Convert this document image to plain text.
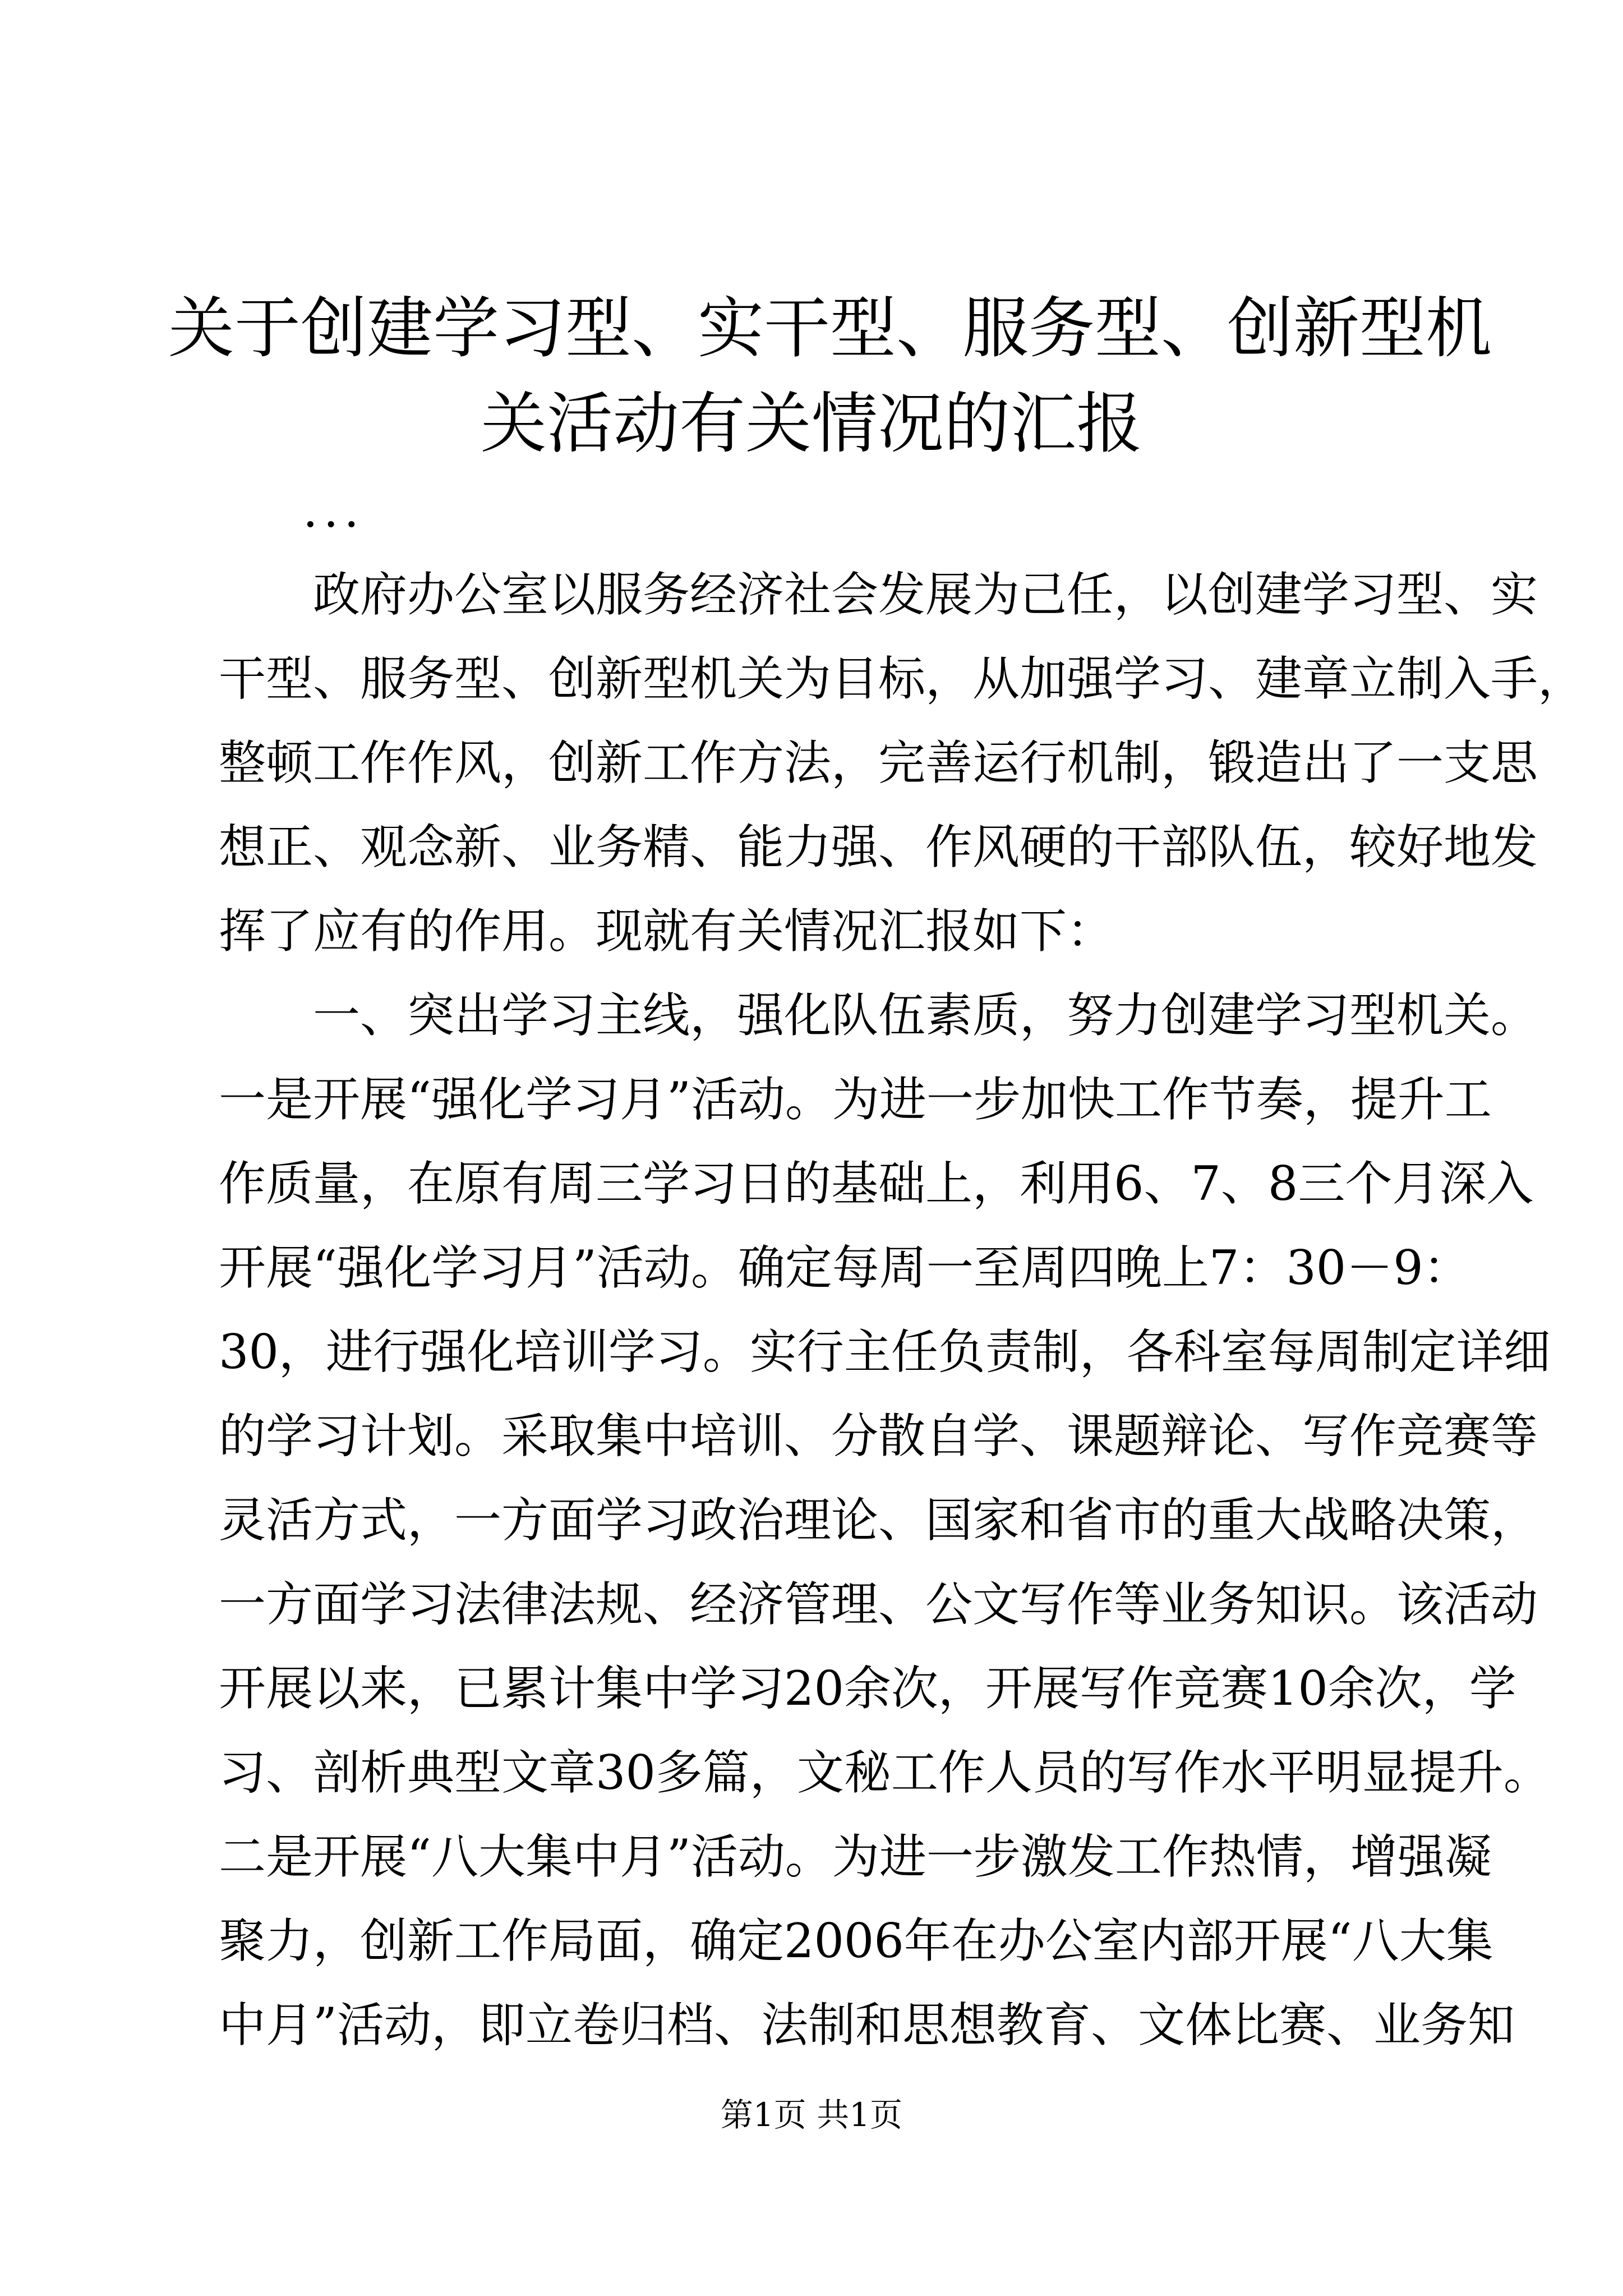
关于创建学习型、实干型、服务型、创新型机
关活动有关情况的汇报
...
　　政府办公室以服务经济社会发展为己任，以创建学习型、实
干型、服务型、创新型机关为目标，从加强学习、建章立制入手，
整顿工作作风，创新工作方法，完善运行机制，锻造出了一支思
想正、观念新、业务精、能力强、作风硬的干部队伍，较好地发
挥了应有的作用。现就有关情况汇报如下：
　　一、突出学习主线，强化队伍素质，努力创建学习型机关。
一是开展“强化学习月”活动。为进一步加快工作节奏，提升工
作质量，在原有周三学习日的基础上，利用6、7、8三个月深入
开展“强化学习月”活动。确定每周一至周四晚上7：30－9：
30，进行强化培训学习。实行主任负责制，各科室每周制定详细
的学习计划。采取集中培训、分散自学、课题辩论、写作竞赛等
灵活方式，一方面学习政治理论、国家和省市的重大战略决策，
一方面学习法律法规、经济管理、公文写作等业务知识。该活动
开展以来，已累计集中学习20余次，开展写作竞赛10余次，学
习、剖析典型文章30多篇，文秘工作人员的写作水平明显提升。
二是开展“八大集中月”活动。为进一步激发工作热情，增强凝
聚力，创新工作局面，确定2006年在办公室内部开展“八大集
中月”活动，即立卷归档、法制和思想教育、文体比赛、业务知
第1页 共1页
